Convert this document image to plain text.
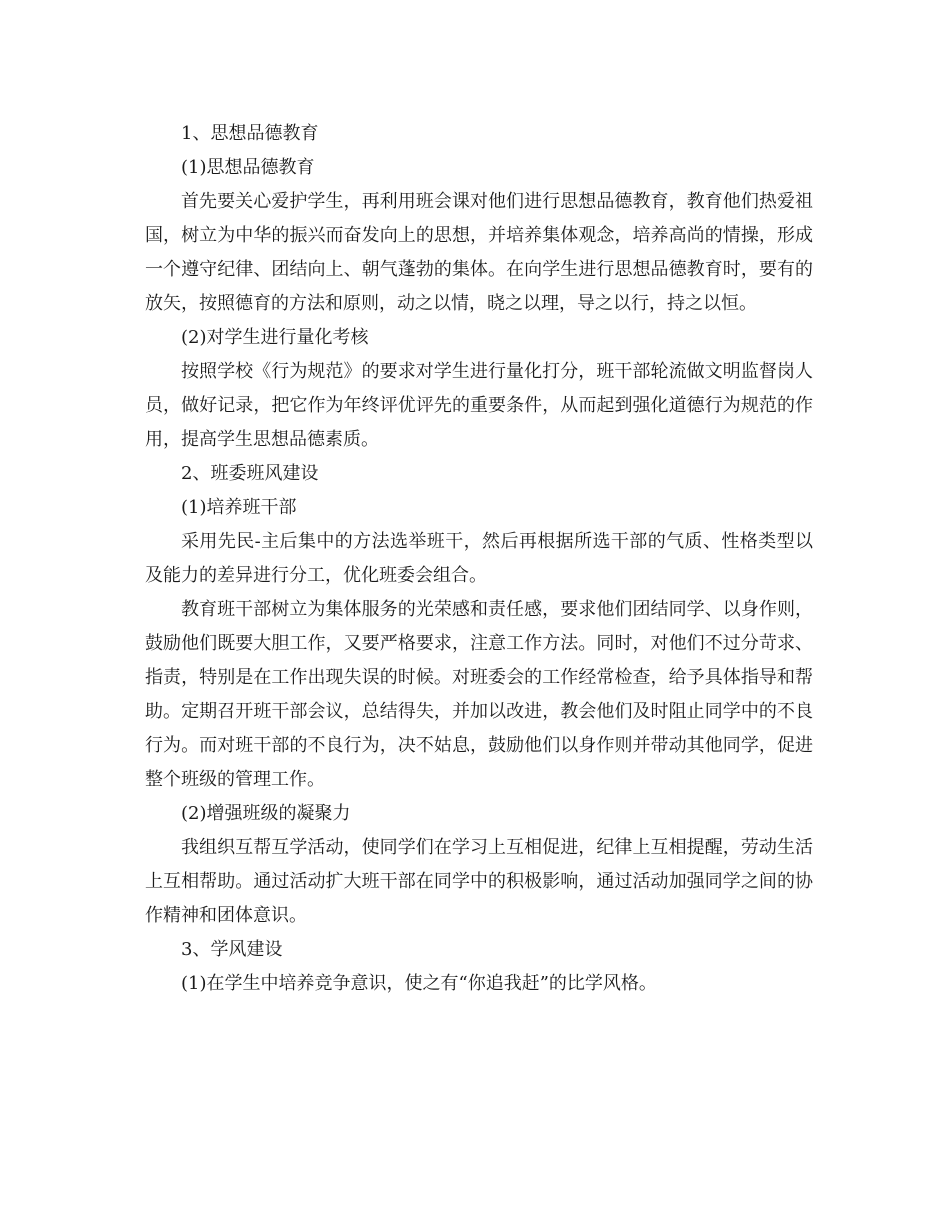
1、思想品德教育

(1)思想品德教育

首先要关心爱护学生，再利用班会课对他们进行思想品德教育，教育他们热爱祖国，树立为中华的振兴而奋发向上的思想，并培养集体观念，培养高尚的情操，形成一个遵守纪律、团结向上、朝气蓬勃的集体。在向学生进行思想品德教育时，要有的放矢，按照德育的方法和原则，动之以情，晓之以理，导之以行，持之以恒。

(2)对学生进行量化考核

按照学校《行为规范》的要求对学生进行量化打分，班干部轮流做文明监督岗人员，做好记录，把它作为年终评优评先的重要条件，从而起到强化道德行为规范的作用，提高学生思想品德素质。

2、班委班风建设

(1)培养班干部

采用先民-主后集中的方法选举班干，然后再根据所选干部的气质、性格类型以及能力的差异进行分工，优化班委会组合。

教育班干部树立为集体服务的光荣感和责任感，要求他们团结同学、以身作则，鼓励他们既要大胆工作，又要严格要求，注意工作方法。同时，对他们不过分苛求、指责，特别是在工作出现失误的时候。对班委会的工作经常检查，给予具体指导和帮助。定期召开班干部会议，总结得失，并加以改进，教会他们及时阻止同学中的不良行为。而对班干部的不良行为，决不姑息，鼓励他们以身作则并带动其他同学，促进整个班级的管理工作。

(2)增强班级的凝聚力

我组织互帮互学活动，使同学们在学习上互相促进，纪律上互相提醒，劳动生活上互相帮助。通过活动扩大班干部在同学中的积极影响，通过活动加强同学之间的协作精神和团体意识。

3、学风建设

(1)在学生中培养竞争意识，使之有“你追我赶”的比学风格。
